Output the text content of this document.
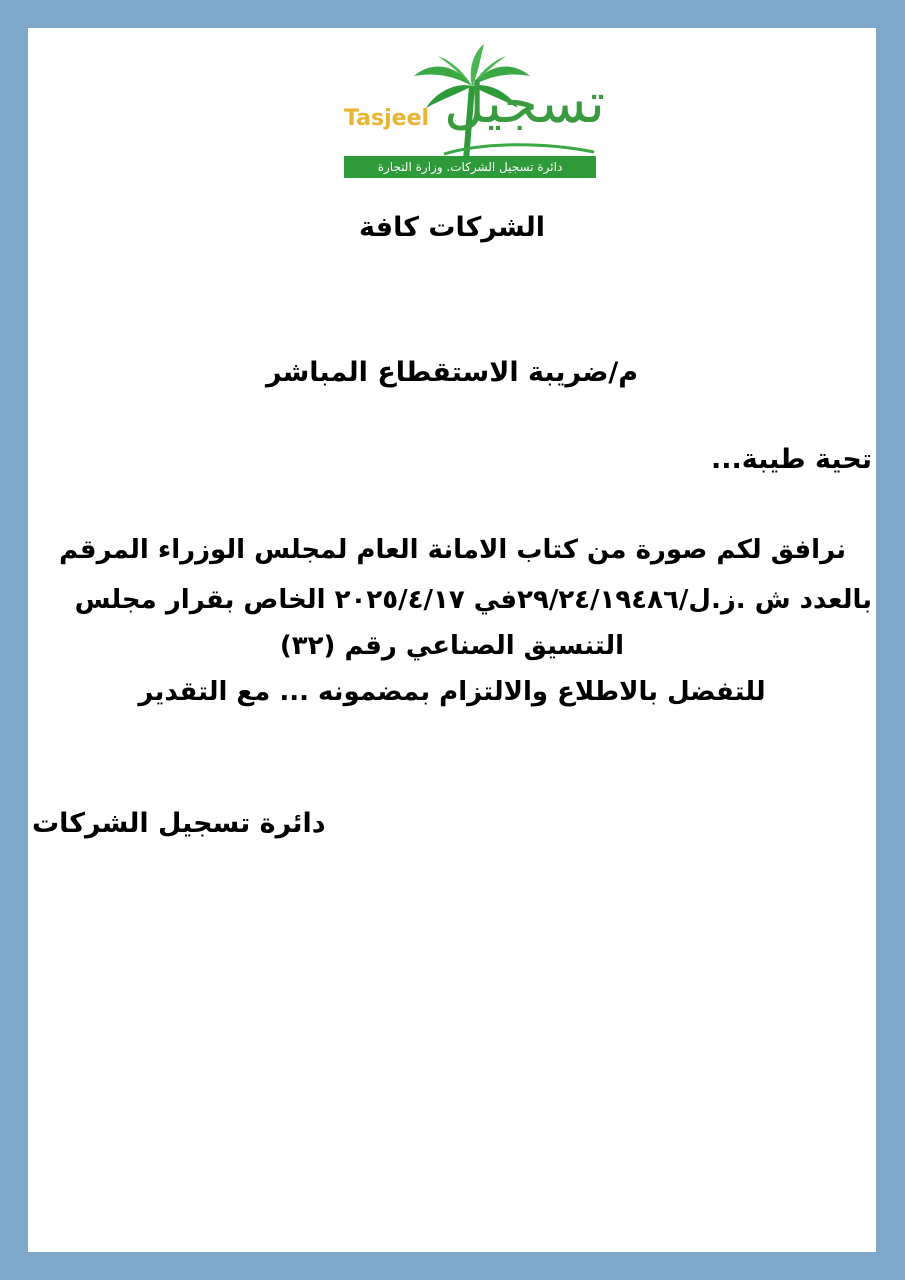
تسجيل
Tasjeel
دائرة تسجيل الشركات. وزارة التجارة
الشركات كافة
م/ضريبة الاستقطاع المباشر
تحية طيبة...
نرافق لكم صورة من كتاب الامانة العام لمجلس الوزراء المرقم
بالعدد ش .ز.ل/٢٩/٢٤/١٩٤٨٦في ٢٠٢٥/٤/١٧ الخاص بقرار مجلس
التنسيق الصناعي رقم (٣٢)
للتفضل بالاطلاع والالتزام بمضمونه ... مع التقدير
دائرة تسجيل الشركات
